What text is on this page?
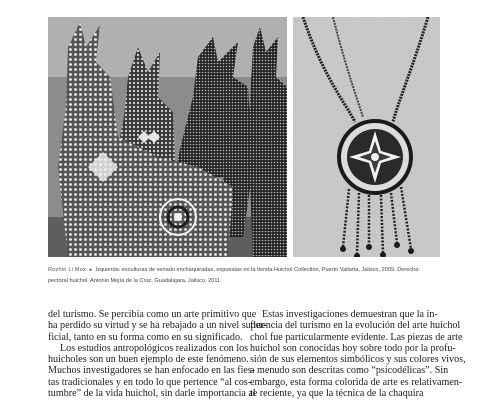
Rozhin Li Mox ▸ Izquierda: esculturas de venado enchaquiradas, expuestas en la tienda Huichol Collection, Puerto Vallarta, Jalisco, 2009. Derecha:
pectoral huichol. Antonio Mejía de la Cruz, Guadalajara, Jalisco, 2011.
del turismo. Se percibía como un arte primitivo que
ha perdido su virtud y se ha rebajado a un nivel super-
ficial, tanto en su forma como en su significado.
Los estudios antropológicos realizados con los
huicholes son un buen ejemplo de este fenómeno.
Muchos investigadores se han enfocado en las fies-
tas tradicionales y en todo lo que pertence “al cos-
tumbre” de la vida huichol, sin darle importancia al
Estas investigaciones demuestran que la in-
fluencia del turismo en la evolución del arte huichol
chol fue particularmente evidente. Las piezas de arte
huichol son conocidas hoy sobre todo por la profu-
sión de sus elementos simbólicos y sus colores vivos,
a menudo son descritas como “psicodélicas”. Sin
embargo, esta forma colorida de arte es relativamen-
te reciente, ya que la técnica de la chaquira
